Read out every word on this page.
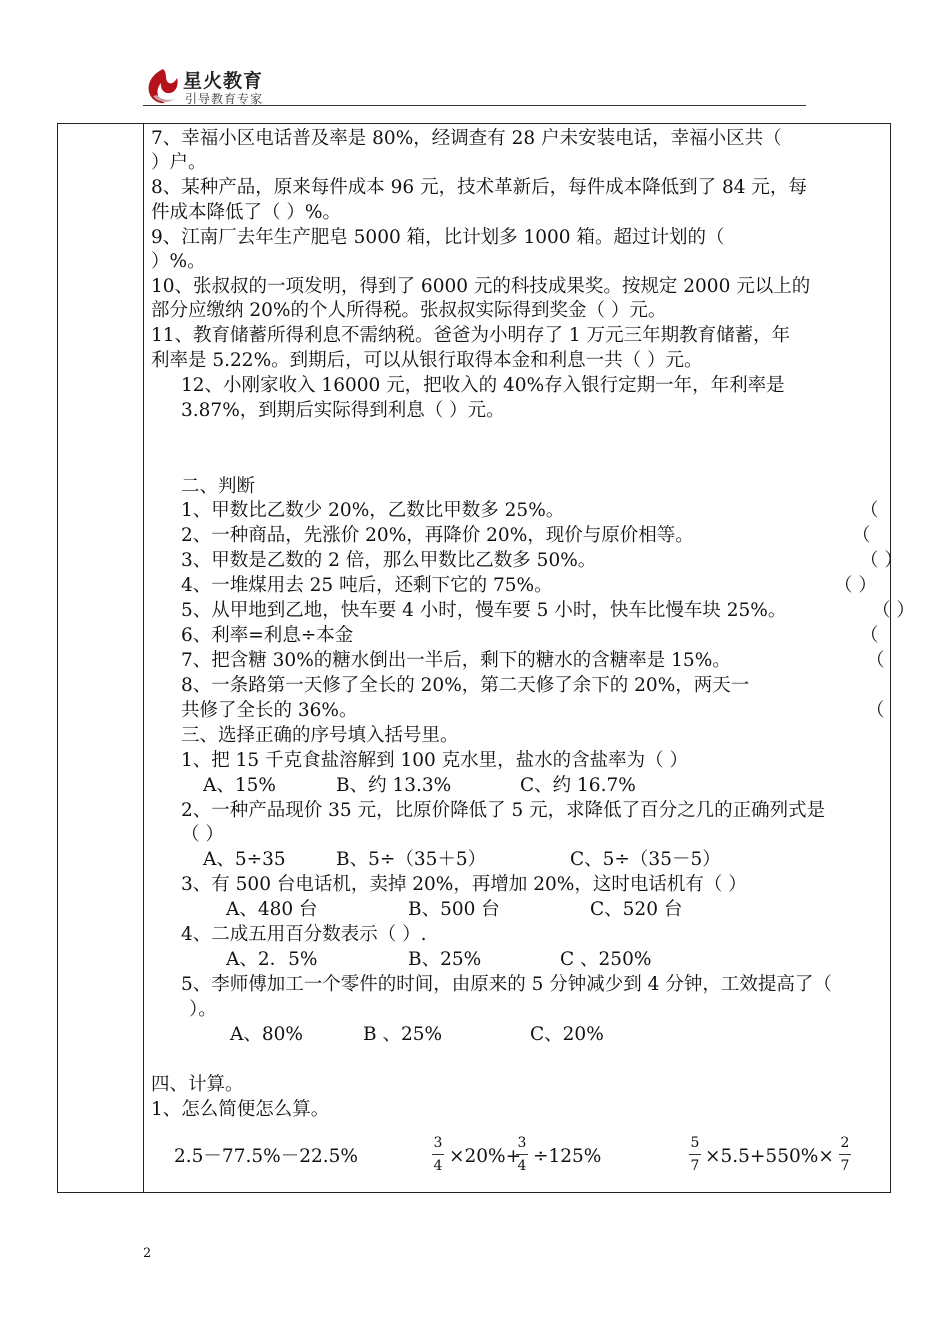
星火教育
引导教育专家
7、幸福小区电话普及率是 80%，经调查有 28 户未安装电话，幸福小区共（
）户。
8、某种产品，原来每件成本 96 元，技术革新后，每件成本降低到了 84 元，每
件成本降低了（ ）%。
9、江南厂去年生产肥皂 5000 箱，比计划多 1000 箱。超过计划的（
）%。
10、张叔叔的一项发明，得到了 6000 元的科技成果奖。按规定 2000 元以上的
部分应缴纳 20%的个人所得税。张叔叔实际得到奖金（ ）元。
11、教育储蓄所得利息不需纳税。爸爸为小明存了 1 万元三年期教育储蓄，年
利率是 5.22%。到期后，可以从银行取得本金和利息一共（ ）元。
12、小刚家收入 16000 元，把收入的 40%存入银行定期一年，年利率是
3.87%，到期后实际得到利息（ ）元。
二、判断
1、甲数比乙数少 20%，乙数比甲数多 25%。	（
2、一种商品，先涨价 20%，再降价 20%，现价与原价相等。	（
3、甲数是乙数的 2 倍，那么甲数比乙数多 50%。	（ ）
4、一堆煤用去 25 吨后，还剩下它的 75%。	（ ）
5、从甲地到乙地，快车要 4 小时，慢车要 5 小时，快车比慢车块 25%。	（ ）
6、利率=利息÷本金	（
7、把含糖 30%的糖水倒出一半后，剩下的糖水的含糖率是 15%。	（
8、一条路第一天修了全长的 20%，第二天修了余下的 20%，两天一
共修了全长的 36%。	（
三、选择正确的序号填入括号里。
1、把 15 千克食盐溶解到 100 克水里，盐水的含盐率为（ ）
A、15%	B、约 13.3%	C、约 16.7%
2、一种产品现价 35 元，比原价降低了 5 元，求降低了百分之几的正确列式是
（ ）
A、5÷35	B、5÷（35＋5）	C、5÷（35－5）
3、有 500 台电话机，卖掉 20%，再增加 20%，这时电话机有（ ）
A、480 台	B、500 台	C、520 台
4、二成五用百分数表示（ ）.
A、2．5%	B、25%	C 、250%
5、李师傅加工一个零件的时间，由原来的 5 分钟减少到 4 分钟，工效提高了（
）。
A、80%	B 、25%	C、20%
四、计算。
1、怎么简便怎么算。
2.5－77.5%－22.5%
3
4 ×20%+
3
4 ÷125%
5
7 ×5.5+550%×
2
7
2
